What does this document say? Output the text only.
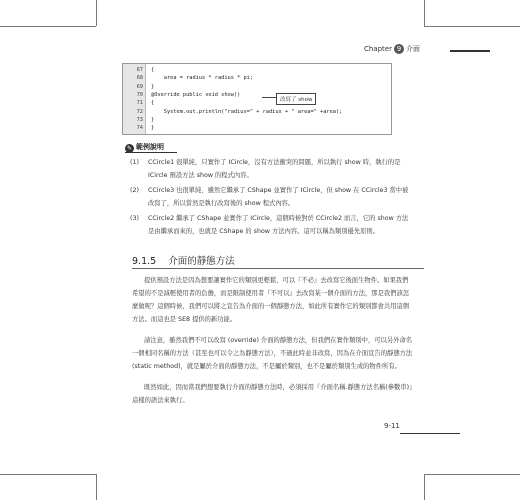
Chapter 9 介面
67 {
68 area = radius * radius * pi;
69 }
70 @Override public void show()
71 {
72 System.out.println("radius=" + radius + " area=" +area);
73 }
74 }
改寫了 show
✎ 範例說明
(1) CCircle1 很單純，只實作了 ICircle，沒有方法衝突的問題，所以執行 show 時，執行的是 ICircle 預設方法 show 的程式內容。
(2) CCircle3 也很單純，雖然它繼承了 CShape 並實作了 ICircle，但 show 在 CCircle3 當中被改寫了，所以當然是執行改寫後的 show 程式內容。
(3) CCircle2 繼承了 CShape 並實作了 ICircle，這個時候對於 CCircle2 而言，它的 show 方法是由繼承而來的，也就是 CShape 的 show 方法內容。這可以稱為類別優先原則。
9.1.5 介面的靜態方法
提供預設方法是因為想要讓實作它的類別更輕鬆，可以『不必』去改寫它後面生物件。如果我們希望的不是減輕使用者的負擔，而是限制使用者『不可以』去改寫某一個介面的方法，那是我們該怎麼做呢？這個時候，我們可以將之宣告為介面的一個靜態方法，如此所有實作它的類別都會共用這個方法。而這也是 SE8 提供的新功能。
請注意，雖然我們不可以改寫 (override) 介面的靜態方法，但我們在實作類別中，可以另外命名一個相同名稱的方法（甚至也可以令之為靜態方法），不過此時並非改寫，因為在介面宣告的靜態方法 (static method)，就是屬於介面的靜態方法，不是屬於類別，也不是屬於類別生成的物件所有。
既然如此，因而當我們想要執行介面的靜態方法時，必須採用『介面名稱.靜態方法名稱(參數串)』這樣的語法來執行。
9-11
